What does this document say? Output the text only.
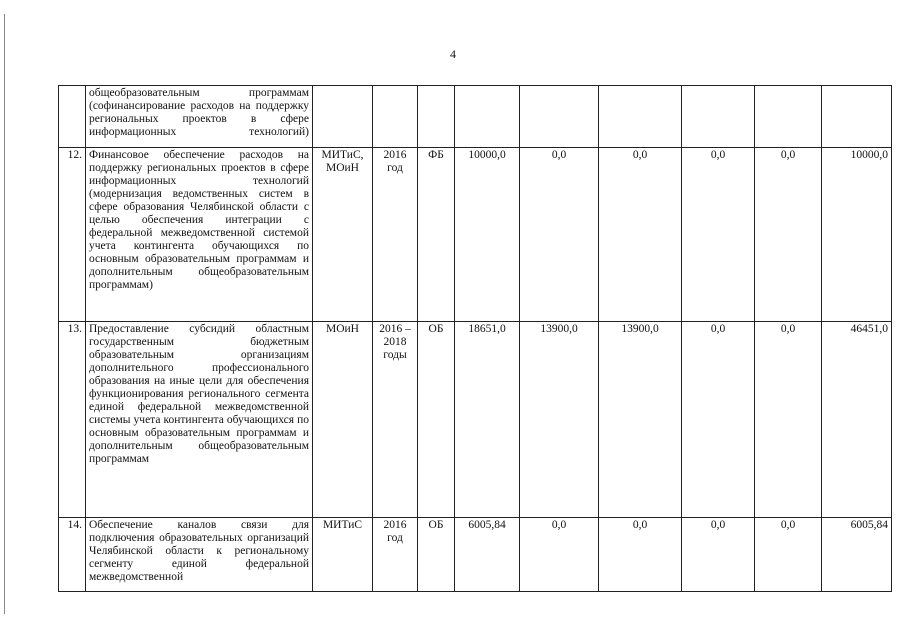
4
	общеобразовательным программам (софинансирование расходов на поддержку региональных проектов в сфере информационных технологий)									
12.	Финансовое обеспечение расходов на поддержку региональных проектов в сфере информационных технологий (модернизация ведомственных систем в сфере образования Челябинской области с целью обеспечения интеграции с федеральной межведомственной системой учета контингента обучающихся по основным образовательным программам и дополнительным общеобразовательным программам)	МИТиС, МОиН	2016 год	ФБ	10000,0	0,0	0,0	0,0	0,0	10000,0
13.	Предоставление субсидий областным государственным бюджетным образовательным организациям дополнительного профессионального образования на иные цели для обеспечения функционирования регионального сегмента единой федеральной межведомственной системы учета контингента обучающихся по основным образовательным программам и дополнительным общеобразовательным программам	МОиН	2016 – 2018 годы	ОБ	18651,0	13900,0	13900,0	0,0	0,0	46451,0
14.	Обеспечение каналов связи для подключения образовательных организаций Челябинской области к региональному сегменту единой федеральной межведомственной	МИТиС	2016 год	ОБ	6005,84	0,0	0,0	0,0	0,0	6005,84
